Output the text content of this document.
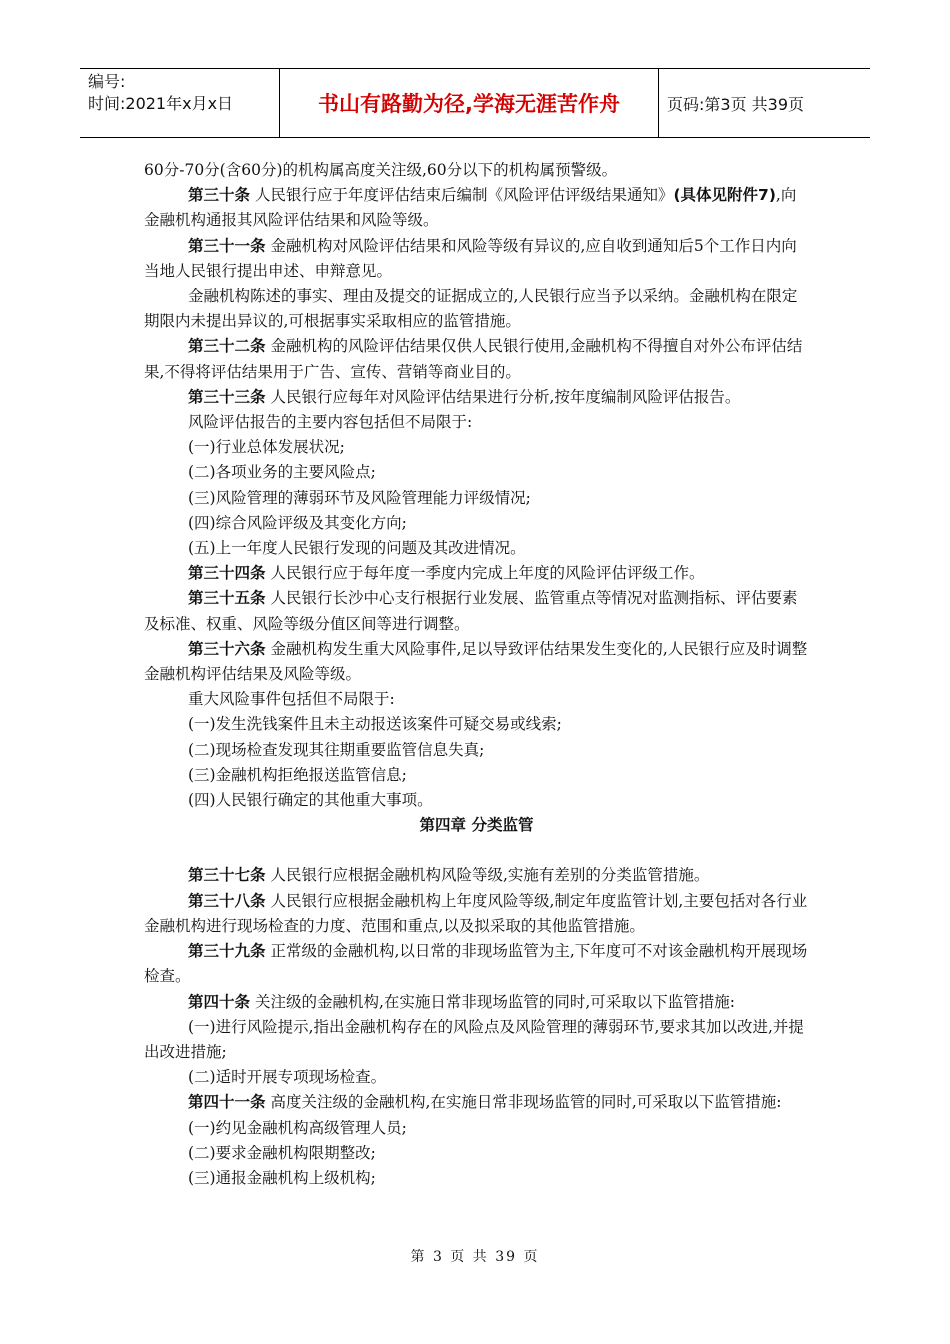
编号:
时间:2021年x月x日	书山有路勤为径,学海无涯苦作舟	页码:第3页 共39页

60分-70分(含60分)的机构属高度关注级,60分以下的机构属预警级。

第三十条 人民银行应于年度评估结束后编制《风险评估评级结果通知》(具体见附件7),向金融机构通报其风险评估结果和风险等级。

第三十一条 金融机构对风险评估结果和风险等级有异议的,应自收到通知后5个工作日内向当地人民银行提出申述、申辩意见。

金融机构陈述的事实、理由及提交的证据成立的,人民银行应当予以采纳。金融机构在限定期限内未提出异议的,可根据事实采取相应的监管措施。

第三十二条 金融机构的风险评估结果仅供人民银行使用,金融机构不得擅自对外公布评估结果,不得将评估结果用于广告、宣传、营销等商业目的。

第三十三条 人民银行应每年对风险评估结果进行分析,按年度编制风险评估报告。

风险评估报告的主要内容包括但不局限于:

(一)行业总体发展状况;

(二)各项业务的主要风险点;

(三)风险管理的薄弱环节及风险管理能力评级情况;

(四)综合风险评级及其变化方向;

(五)上一年度人民银行发现的问题及其改进情况。

第三十四条 人民银行应于每年度一季度内完成上年度的风险评估评级工作。

第三十五条 人民银行长沙中心支行根据行业发展、监管重点等情况对监测指标、评估要素及标准、权重、风险等级分值区间等进行调整。

第三十六条 金融机构发生重大风险事件,足以导致评估结果发生变化的,人民银行应及时调整金融机构评估结果及风险等级。

重大风险事件包括但不局限于:

(一)发生洗钱案件且未主动报送该案件可疑交易或线索;

(二)现场检查发现其往期重要监管信息失真;

(三)金融机构拒绝报送监管信息;

(四)人民银行确定的其他重大事项。

第四章 分类监管

第三十七条 人民银行应根据金融机构风险等级,实施有差别的分类监管措施。

第三十八条 人民银行应根据金融机构上年度风险等级,制定年度监管计划,主要包括对各行业金融机构进行现场检查的力度、范围和重点,以及拟采取的其他监管措施。

第三十九条 正常级的金融机构,以日常的非现场监管为主,下年度可不对该金融机构开展现场检查。

第四十条 关注级的金融机构,在实施日常非现场监管的同时,可采取以下监管措施:

(一)进行风险提示,指出金融机构存在的风险点及风险管理的薄弱环节,要求其加以改进,并提出改进措施;

(二)适时开展专项现场检查。

第四十一条 高度关注级的金融机构,在实施日常非现场监管的同时,可采取以下监管措施:

(一)约见金融机构高级管理人员;

(二)要求金融机构限期整改;

(三)通报金融机构上级机构;

第 3 页 共 39 页
